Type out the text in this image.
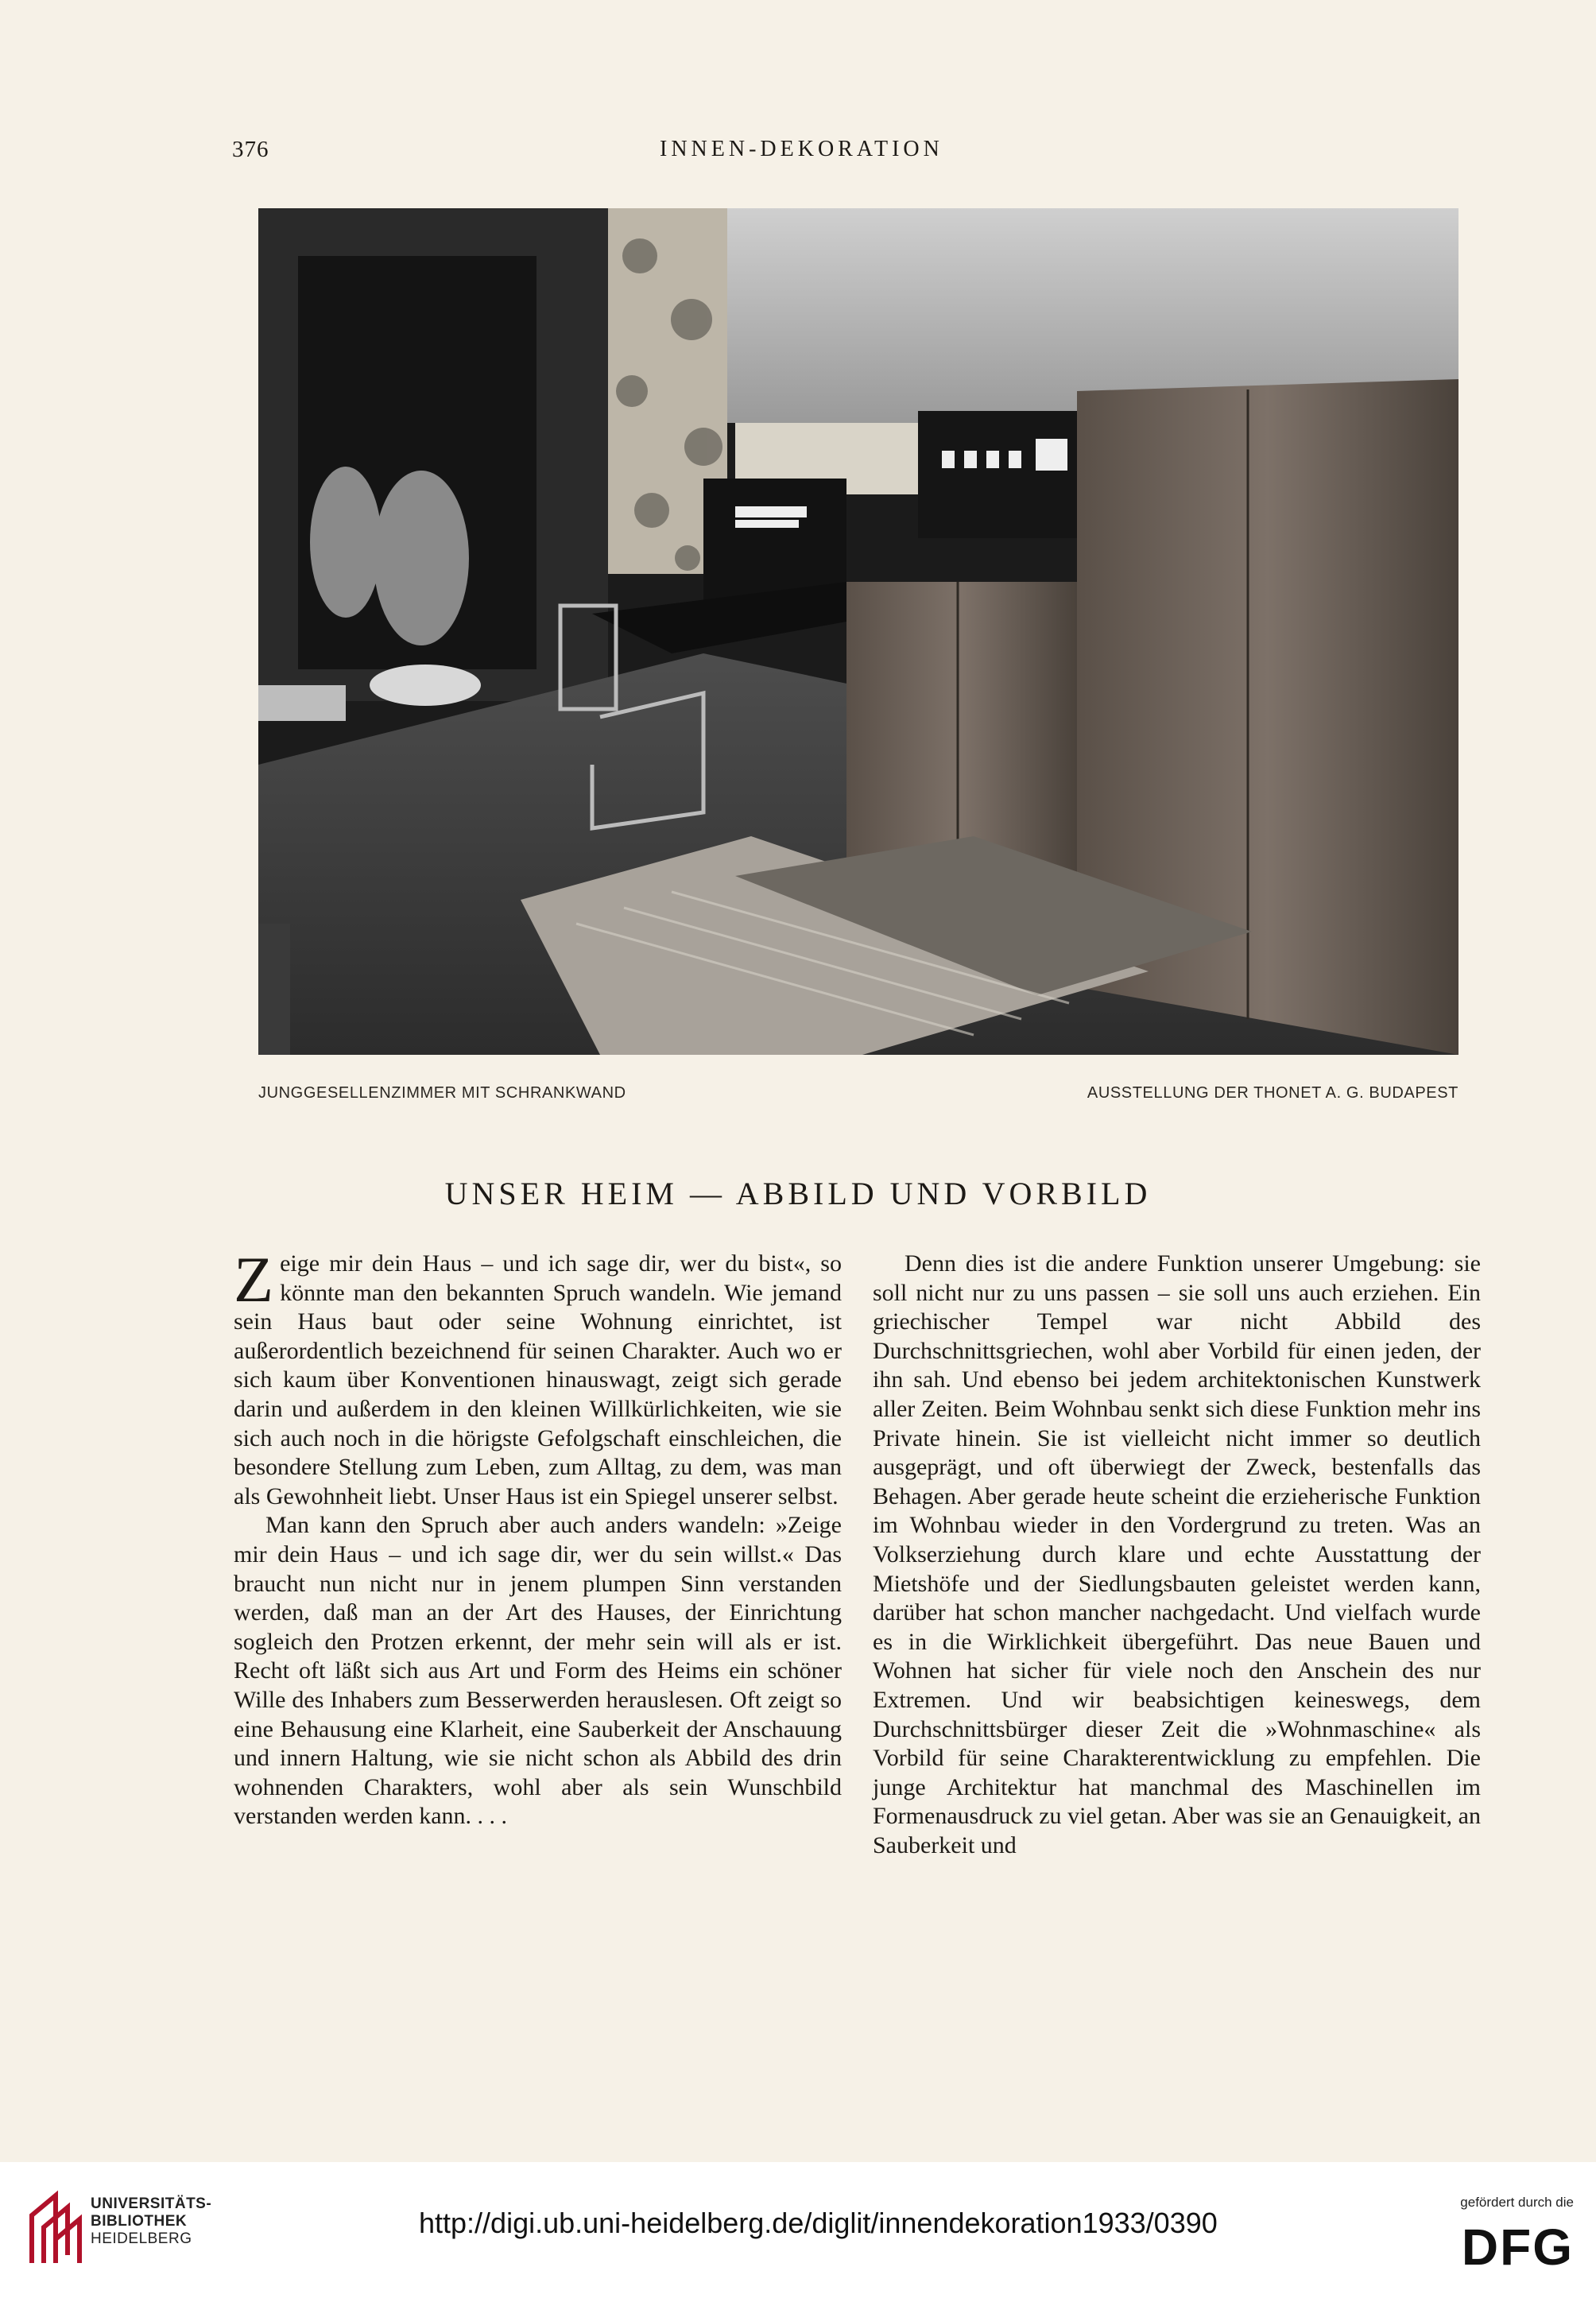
376	INNEN-DEKORATION
JUNGGESELLENZIMMER MIT SCHRANKWAND	AUSSTELLUNG DER THONET A. G. BUDAPEST
UNSER HEIM — ABBILD UND VORBILD

Z eige mir dein Haus – und ich sage dir, wer du bist«, so könnte man den bekannten Spruch wandeln. Wie jemand sein Haus baut oder seine Wohnung einrichtet, ist außerordentlich bezeichnend für seinen Charakter. Auch wo er sich kaum über Konventionen hinauswagt, zeigt sich gerade darin und außerdem in den kleinen Willkürlichkeiten, wie sie sich auch noch in die hörigste Gefolgschaft einschleichen, die besondere Stellung zum Leben, zum Alltag, zu dem, was man als Gewohnheit liebt. Unser Haus ist ein Spiegel unserer selbst.

Man kann den Spruch aber auch anders wandeln: »Zeige mir dein Haus – und ich sage dir, wer du sein willst.« Das braucht nun nicht nur in jenem plumpen Sinn verstanden werden, daß man an der Art des Hauses, der Einrichtung sogleich den Protzen erkennt, der mehr sein will als er ist. Recht oft läßt sich aus Art und Form des Heims ein schöner Wille des Inhabers zum Besserwerden herauslesen. Oft zeigt so eine Behausung eine Klarheit, eine Sauberkeit der Anschauung und innern Haltung, wie sie nicht schon als Abbild des drin wohnenden Charakters, wohl aber als sein Wunschbild verstanden werden kann. . . .

Denn dies ist die andere Funktion unserer Umgebung: sie soll nicht nur zu uns passen – sie soll uns auch erziehen. Ein griechischer Tempel war nicht Abbild des Durchschnittsgriechen, wohl aber Vorbild für einen jeden, der ihn sah. Und ebenso bei jedem architektonischen Kunstwerk aller Zeiten. Beim Wohnbau senkt sich diese Funktion mehr ins Private hinein. Sie ist vielleicht nicht immer so deutlich ausgeprägt, und oft überwiegt der Zweck, bestenfalls das Behagen. Aber gerade heute scheint die erzieherische Funktion im Wohnbau wieder in den Vordergrund zu treten. Was an Volkserziehung durch klare und echte Ausstattung der Mietshöfe und der Siedlungsbauten geleistet werden kann, darüber hat schon mancher nachgedacht. Und vielfach wurde es in die Wirklichkeit übergeführt. Das neue Bauen und Wohnen hat sicher für viele noch den Anschein des nur Extremen. Und wir beabsichtigen keineswegs, dem Durchschnittsbürger dieser Zeit die »Wohnmaschine« als Vorbild für seine Charakterentwicklung zu empfehlen. Die junge Architektur hat manchmal des Maschinellen im Formenausdruck zu viel getan. Aber was sie an Genauigkeit, an Sauberkeit und

UNIVERSITÄTS-
BIBLIOTHEK
HEIDELBERG	http://digi.ub.uni-heidelberg.de/diglit/innendekoration1933/0390
gefördert durch die
DFG
